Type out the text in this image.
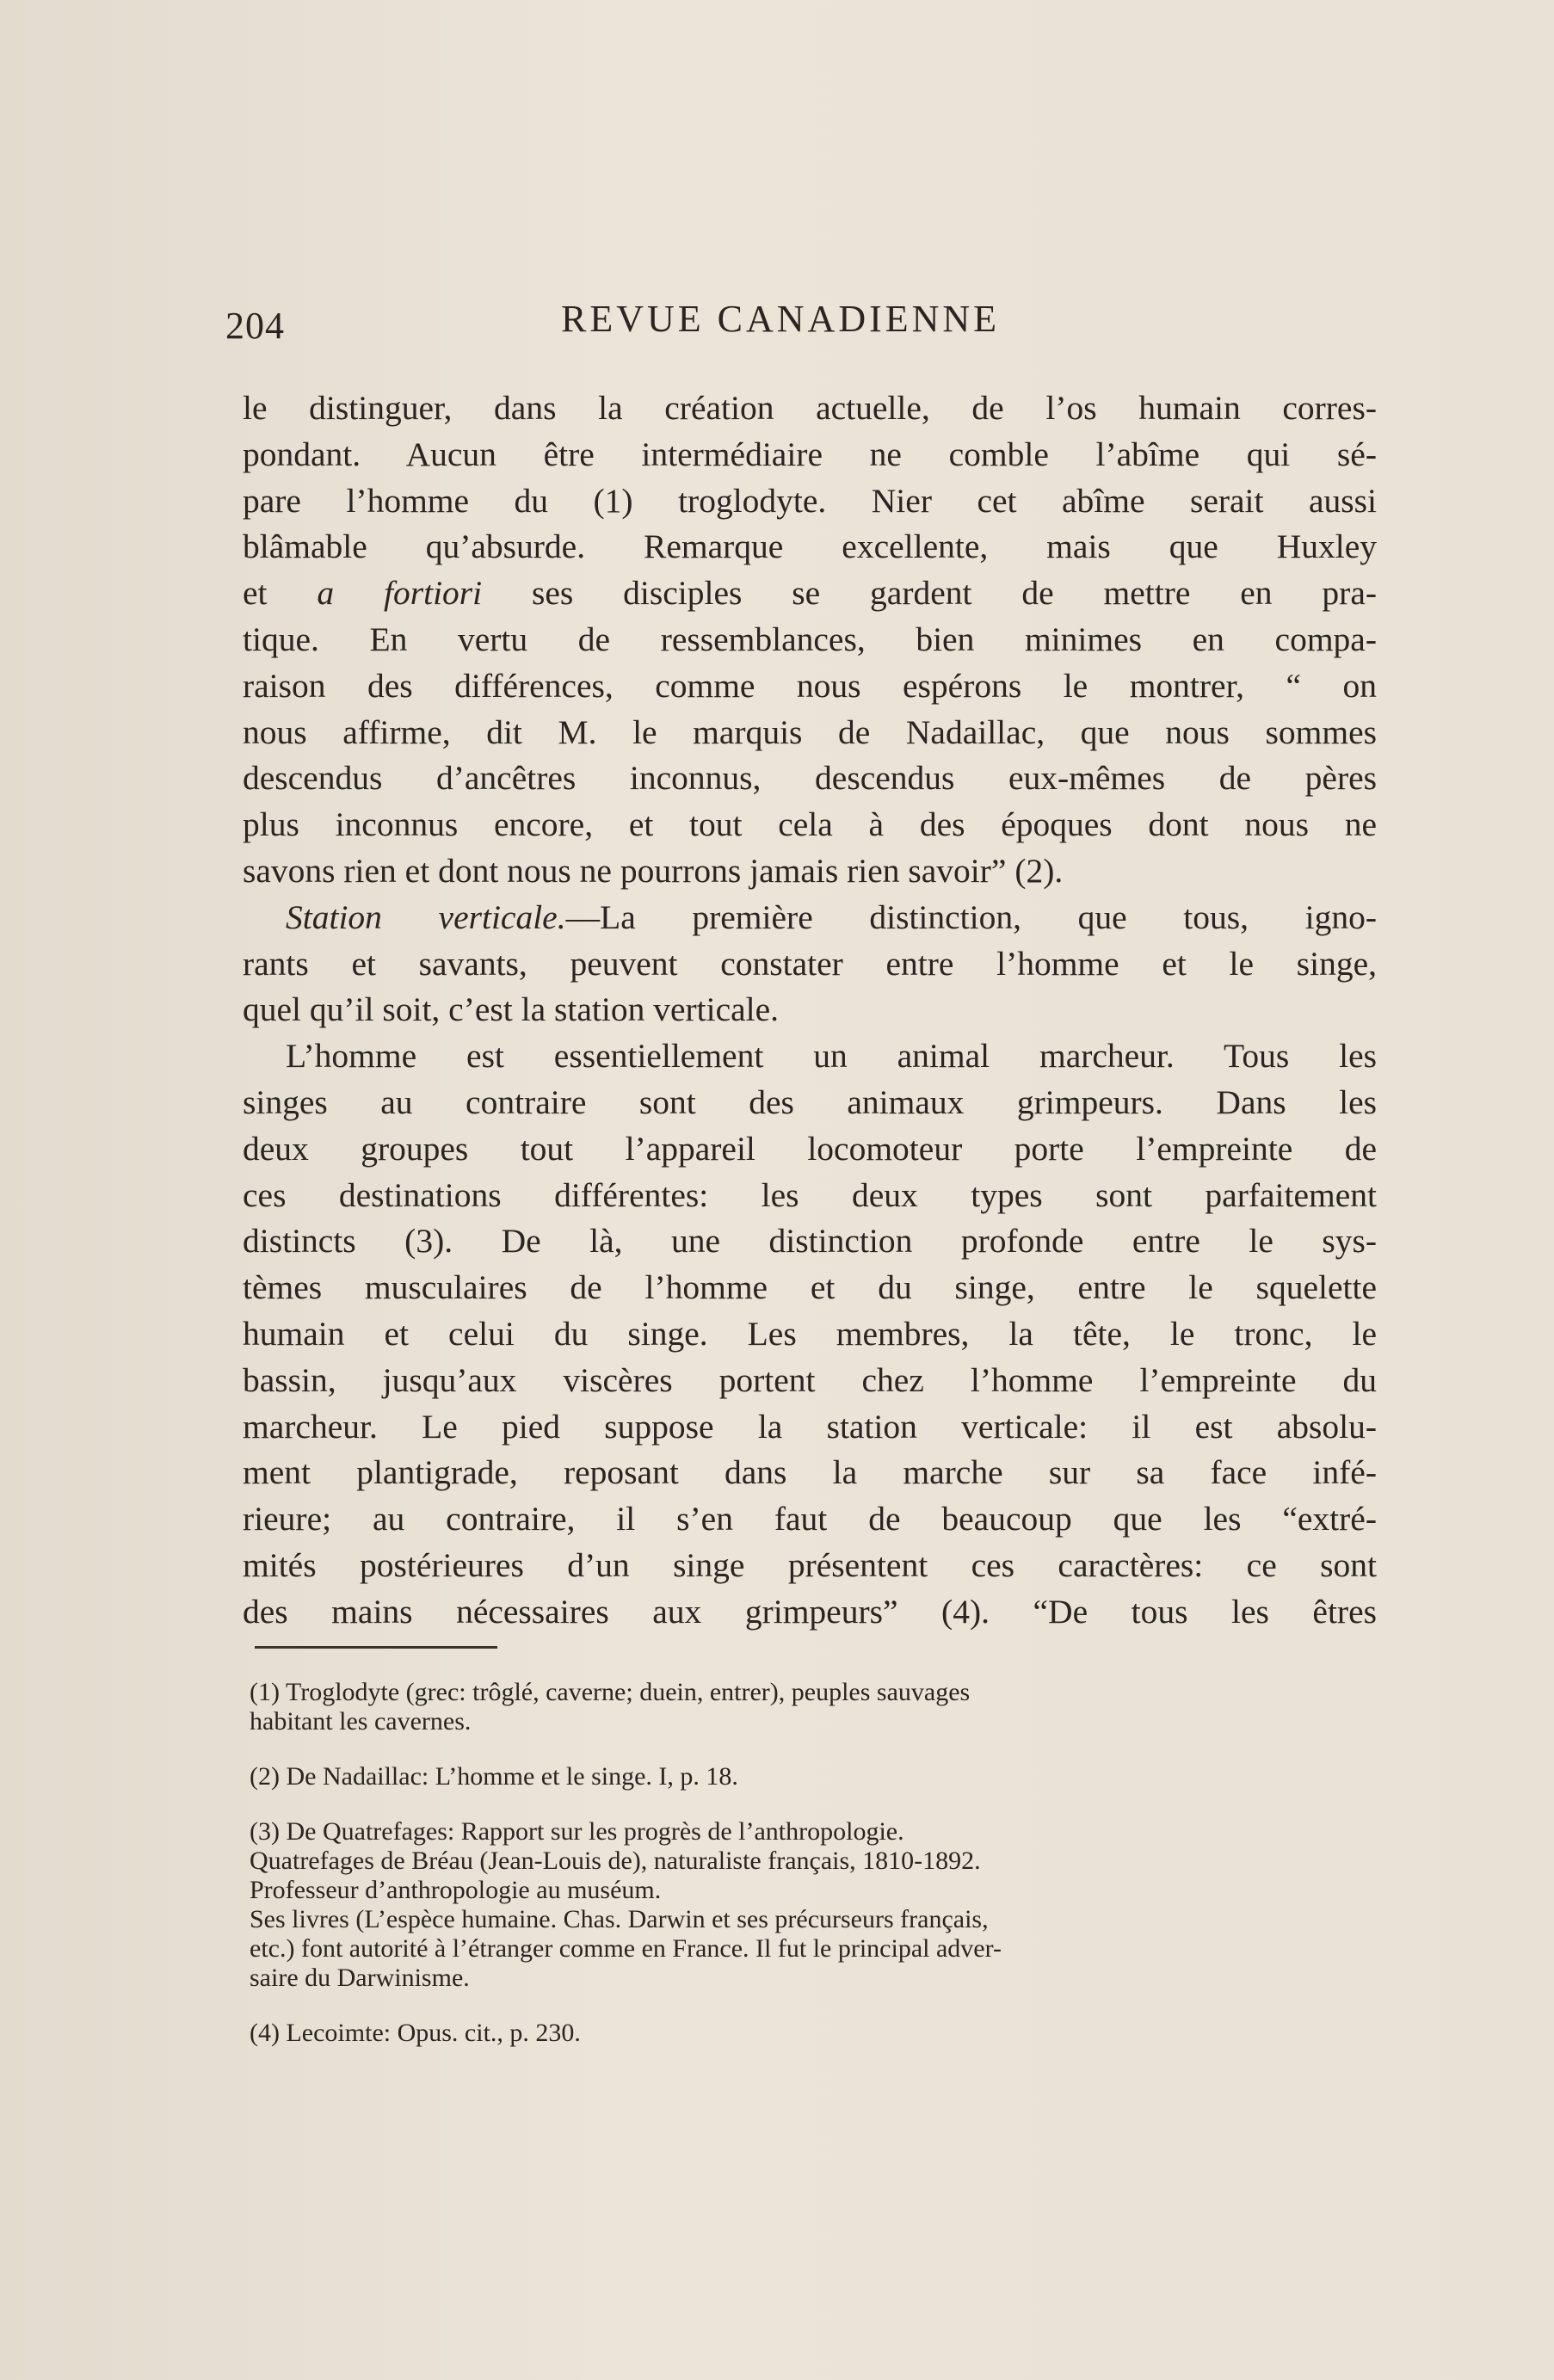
204	REVUE CANADIENNE
le distinguer, dans la création actuelle, de l’os humain corres-
pondant. Aucun être intermédiaire ne comble l’abîme qui sé-
pare l’homme du (1) troglodyte. Nier cet abîme serait aussi
blâmable qu’absurde. Remarque excellente, mais que Huxley
et a fortiori ses disciples se gardent de mettre en pra-
tique. En vertu de ressemblances, bien minimes en compa-
raison des différences, comme nous espérons le montrer, “ on
nous affirme, dit M. le marquis de Nadaillac, que nous sommes
descendus d’ancêtres inconnus, descendus eux-mêmes de pères
plus inconnus encore, et tout cela à des époques dont nous ne
savons rien et dont nous ne pourrons jamais rien savoir” (2).
Station verticale.—La première distinction, que tous, igno-
rants et savants, peuvent constater entre l’homme et le singe,
quel qu’il soit, c’est la station verticale.
L’homme est essentiellement un animal marcheur. Tous les
singes au contraire sont des animaux grimpeurs. Dans les
deux groupes tout l’appareil locomoteur porte l’empreinte de
ces destinations différentes: les deux types sont parfaitement
distincts (3). De là, une distinction profonde entre le sys-
tèmes musculaires de l’homme et du singe, entre le squelette
humain et celui du singe. Les membres, la tête, le tronc, le
bassin, jusqu’aux viscères portent chez l’homme l’empreinte du
marcheur. Le pied suppose la station verticale: il est absolu-
ment plantigrade, reposant dans la marche sur sa face infé-
rieure; au contraire, il s’en faut de beaucoup que les “extré-
mités postérieures d’un singe présentent ces caractères: ce sont
des mains nécessaires aux grimpeurs” (4). “De tous les êtres
(1) Troglodyte (grec: trôglé, caverne; duein, entrer), peuples sauvages
habitant les cavernes.
(2) De Nadaillac: L’homme et le singe. I, p. 18.
(3) De Quatrefages: Rapport sur les progrès de l’anthropologie.
Quatrefages de Bréau (Jean-Louis de), naturaliste français, 1810-1892.
Professeur d’anthropologie au muséum.
Ses livres (L’espèce humaine. Chas. Darwin et ses précurseurs français,
etc.) font autorité à l’étranger comme en France. Il fut le principal adver-
saire du Darwinisme.
(4) Lecoimte: Opus. cit., p. 230.
